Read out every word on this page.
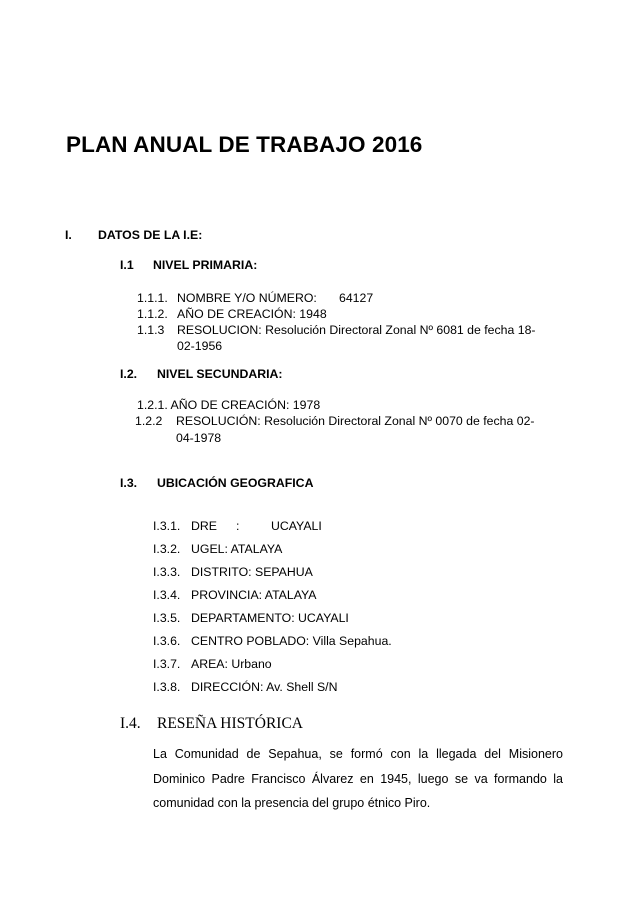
PLAN ANUAL DE TRABAJO 2016
I. DATOS DE LA I.E:
I.1 NIVEL PRIMARIA:
1.1.1. NOMBRE Y/O NÚMERO: 64127
1.1.2. AÑO DE CREACIÓN: 1948
1.1.3 RESOLUCION: Resolución Directoral Zonal Nº 6081 de fecha 18-
02-1956
I.2. NIVEL SECUNDARIA:
1.2.1. AÑO DE CREACIÓN: 1978
1.2.2 RESOLUCIÓN: Resolución Directoral Zonal Nº 0070 de fecha 02-
04-1978
I.3. UBICACIÓN GEOGRAFICA
I.3.1. DRE :	UCAYALI
I.3.2. UGEL: ATALAYA
I.3.3. DISTRITO: SEPAHUA
I.3.4. PROVINCIA: ATALAYA
I.3.5. DEPARTAMENTO: UCAYALI
I.3.6. CENTRO POBLADO: Villa Sepahua.
I.3.7. AREA: Urbano
I.3.8. DIRECCIÓN: Av. Shell S/N
I.4. RESEÑA HISTÓRICA
La Comunidad de Sepahua, se formó con la llegada del Misionero Dominico Padre Francisco Álvarez en 1945, luego se va formando la comunidad con la presencia del grupo étnico Piro.
